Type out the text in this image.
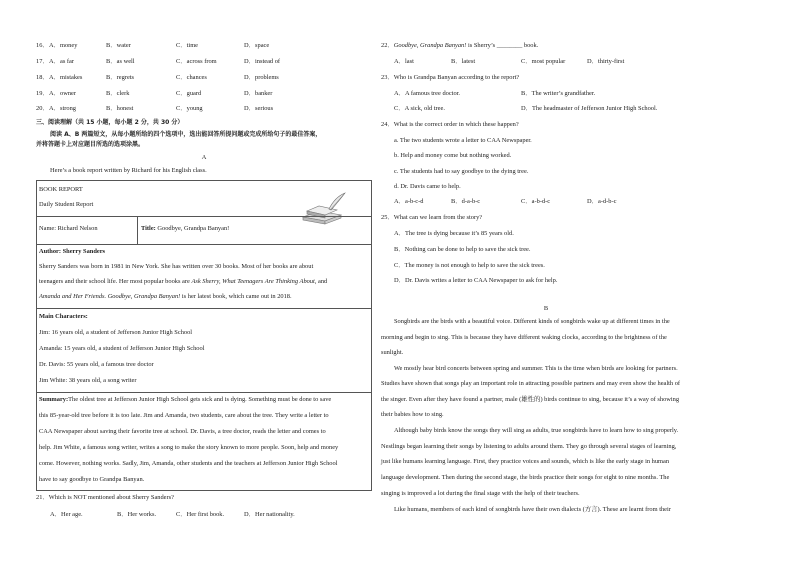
16． A．money	B．water	C．time	D．space
17． A．as far	B．as well	C．across from	D．instead of
18． A．mistakes	B．regrets	C．chances	D．problems
19． A．owner	B．clerk	C．guard	D．banker
20． A．strong	B．honest	C．young	D．serious
三、阅读理解（共 15 小题，每小题 2 分，共 30 分）
阅读 A、B 两篇短文，从每小题所给的四个选项中，选出能回答所提问题或完成所给句子的最佳答案，
并将答题卡上对应题目所选的选项涂黑。
A
Here’s a book report written by Richard for his English class.
BOOK REPORT
Daily Student Report
Name: Richard Nelson	Title: Goodbye, Grandpa Banyan!
Author: Sherry Sanders
Sherry Sanders was born in 1981 in New York. She has written over 30 books. Most of her books are about
teenagers and their school life. Her most popular books are Ask Sherry, What Teenagers Are Thinking About, and
Amanda and Her Friends. Goodbye, Grandpa Banyan! is her latest book, which came out in 2018.
Main Characters:
Jim: 16 years old, a student of Jefferson Junior High School
Amanda: 15 years old, a student of Jefferson Junior High School
Dr. Davis: 55 years old, a famous tree doctor
Jim White: 38 years old, a song writer
Summary:The oldest tree at Jefferson Junior High School gets sick and is dying. Something must be done to save
this 85-year-old tree before it is too late. Jim and Amanda, two students, care about the tree. They write a letter to
CAA Newspaper about saving their favorite tree at school. Dr. Davis, a tree doctor, reads the letter and comes to
help. Jim White, a famous song writer, writes a song to make the story known to more people. Soon, help and money
come. However, nothing works. Sadly, Jim, Amanda, other students and the teachers at Jefferson Junior High School
have to say goodbye to Grandpa Banyan.
21．Which is NOT mentioned about Sherry Sanders?
A．Her age.	B．Her works.	C．Her first book.	D．Her nationality.
22．Goodbye, Grandpa Banyan! is Sherry’s ________ book.
A．last	B．latest	C．most popular	D．thirty-first
23．Who is Grandpa Banyan according to the report?
A．A famous tree doctor.	B．The writer’s grandfather.
C．A sick, old tree.	D．The headmaster of Jefferson Junior High School.
24．What is the correct order in which these happen?
a. The two students wrote a letter to CAA Newspaper.
b. Help and money come but nothing worked.
c. The students had to say goodbye to the dying tree.
d. Dr. Davis came to help.
A．a-b-c-d	B．d-a-b-c	C．a-b-d-c	D．a-d-b-c
25．What can we learn from the story?
A．The tree is dying because it’s 85 years old.
B．Nothing can be done to help to save the sick tree.
C．The money is not enough to help to save the sick trees.
D．Dr. Davis writes a letter to CAA Newspaper to ask for help.
B
Songbirds are the birds with a beautiful voice. Different kinds of songbirds wake up at different times in the
morning and begin to sing. This is because they have different waking clocks, according to the brightness of the
sunlight.
We mostly hear bird concerts between spring and summer. This is the time when birds are looking for partners.
Studies have shown that songs play an important role in attracting possible partners and may even show the health of
the singer. Even after they have found a partner, male (雄性的) birds continue to sing, because it’s a way of showing
their babies how to sing.
Although baby birds know the songs they will sing as adults, true songbirds have to learn how to sing properly.
Nestlings began learning their songs by listening to adults around them. They go through several stages of learning,
just like humans learning language. First, they practice voices and sounds, which is like the early stage in human
language development. Then during the second stage, the birds practice their songs for eight to nine months. The
singing is improved a lot during the final stage with the help of their teachers.
Like humans, members of each kind of songbirds have their own dialects (方言). These are learnt from their
